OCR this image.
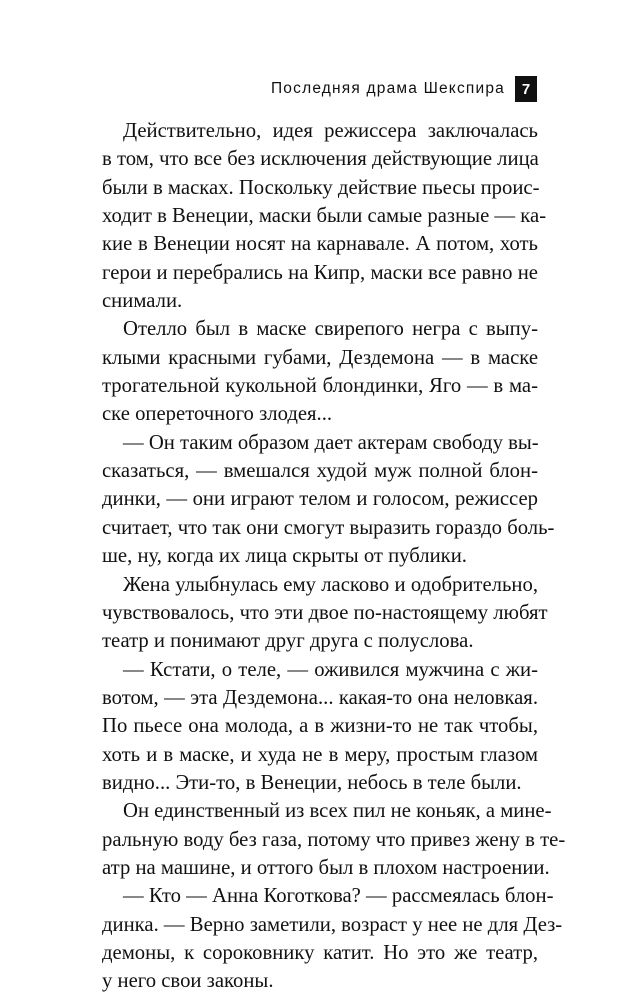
Последняя драма Шекспира	7
Действительно, идея режиссера заключалась
в том, что все без исключения действующие лица
были в масках. Поскольку действие пьесы проис-
ходит в Венеции, маски были самые разные — ка-
кие в Венеции носят на карнавале. А потом, хоть
герои и перебрались на Кипр, маски все равно не
снимали.
Отелло был в маске свирепого негра с выпу-
клыми красными губами, Дездемона — в маске
трогательной кукольной блондинки, Яго — в ма-
ске опереточного злодея...
— Он таким образом дает актерам свободу вы-
сказаться, — вмешался худой муж полной блон-
динки, — они играют телом и голосом, режиссер
считает, что так они смогут выразить гораздо боль-
ше, ну, когда их лица скрыты от публики.
Жена улыбнулась ему ласково и одобрительно,
чувствовалось, что эти двое по-настоящему любят
театр и понимают друг друга с полуслова.
— Кстати, о теле, — оживился мужчина с жи-
вотом, — эта Дездемона... какая-то она неловкая.
По пьесе она молода, а в жизни-то не так чтобы,
хоть и в маске, и худа не в меру, простым глазом
видно... Эти-то, в Венеции, небось в теле были.
Он единственный из всех пил не коньяк, а мине-
ральную воду без газа, потому что привез жену в те-
атр на машине, и оттого был в плохом настроении.
— Кто — Анна Коготкова? — рассмеялась блон-
динка. — Верно заметили, возраст у нее не для Дез-
демоны, к сороковнику катит. Но это же театр,
у него свои законы.
